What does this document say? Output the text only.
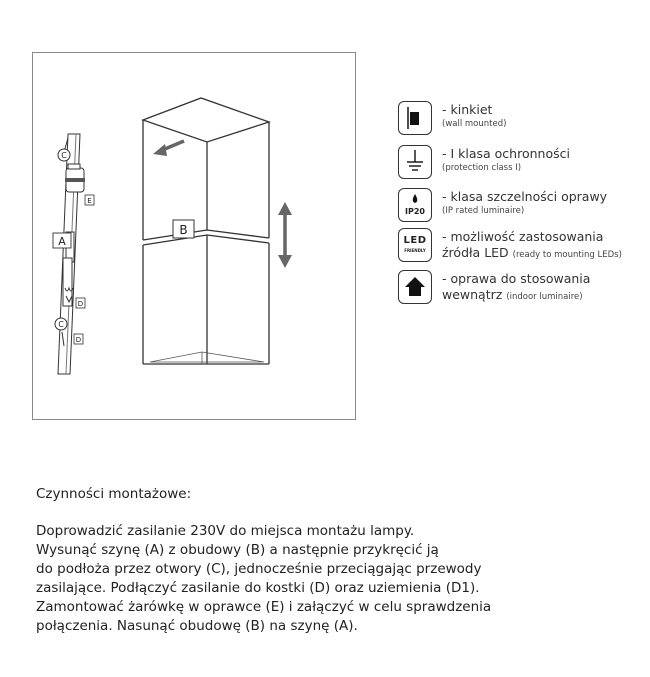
C
E
A
D
C
D
B
- kinkiet
(wall mounted)
- I klasa ochronności
(protection class I)
IP20
- klasa szczelności oprawy
(IP rated luminaire)
LED
FRIENDLY
- możliwość zastosowania
źródła LED (ready to mounting LEDs)
- oprawa do stosowania
wewnątrz (indoor luminaire)
Czynności montażowe:
Doprowadzić zasilanie 230V do miejsca montażu lampy.
Wysunąć szynę (A) z obudowy (B) a następnie przykręcić ją
do podłoża przez otwory (C), jednocześnie przeciągając przewody
zasilające. Podłączyć zasilanie do kostki (D) oraz uziemienia (D1).
Zamontować żarówkę w oprawce (E) i załączyć w celu sprawdzenia
połączenia. Nasunąć obudowę (B) na szynę (A).
